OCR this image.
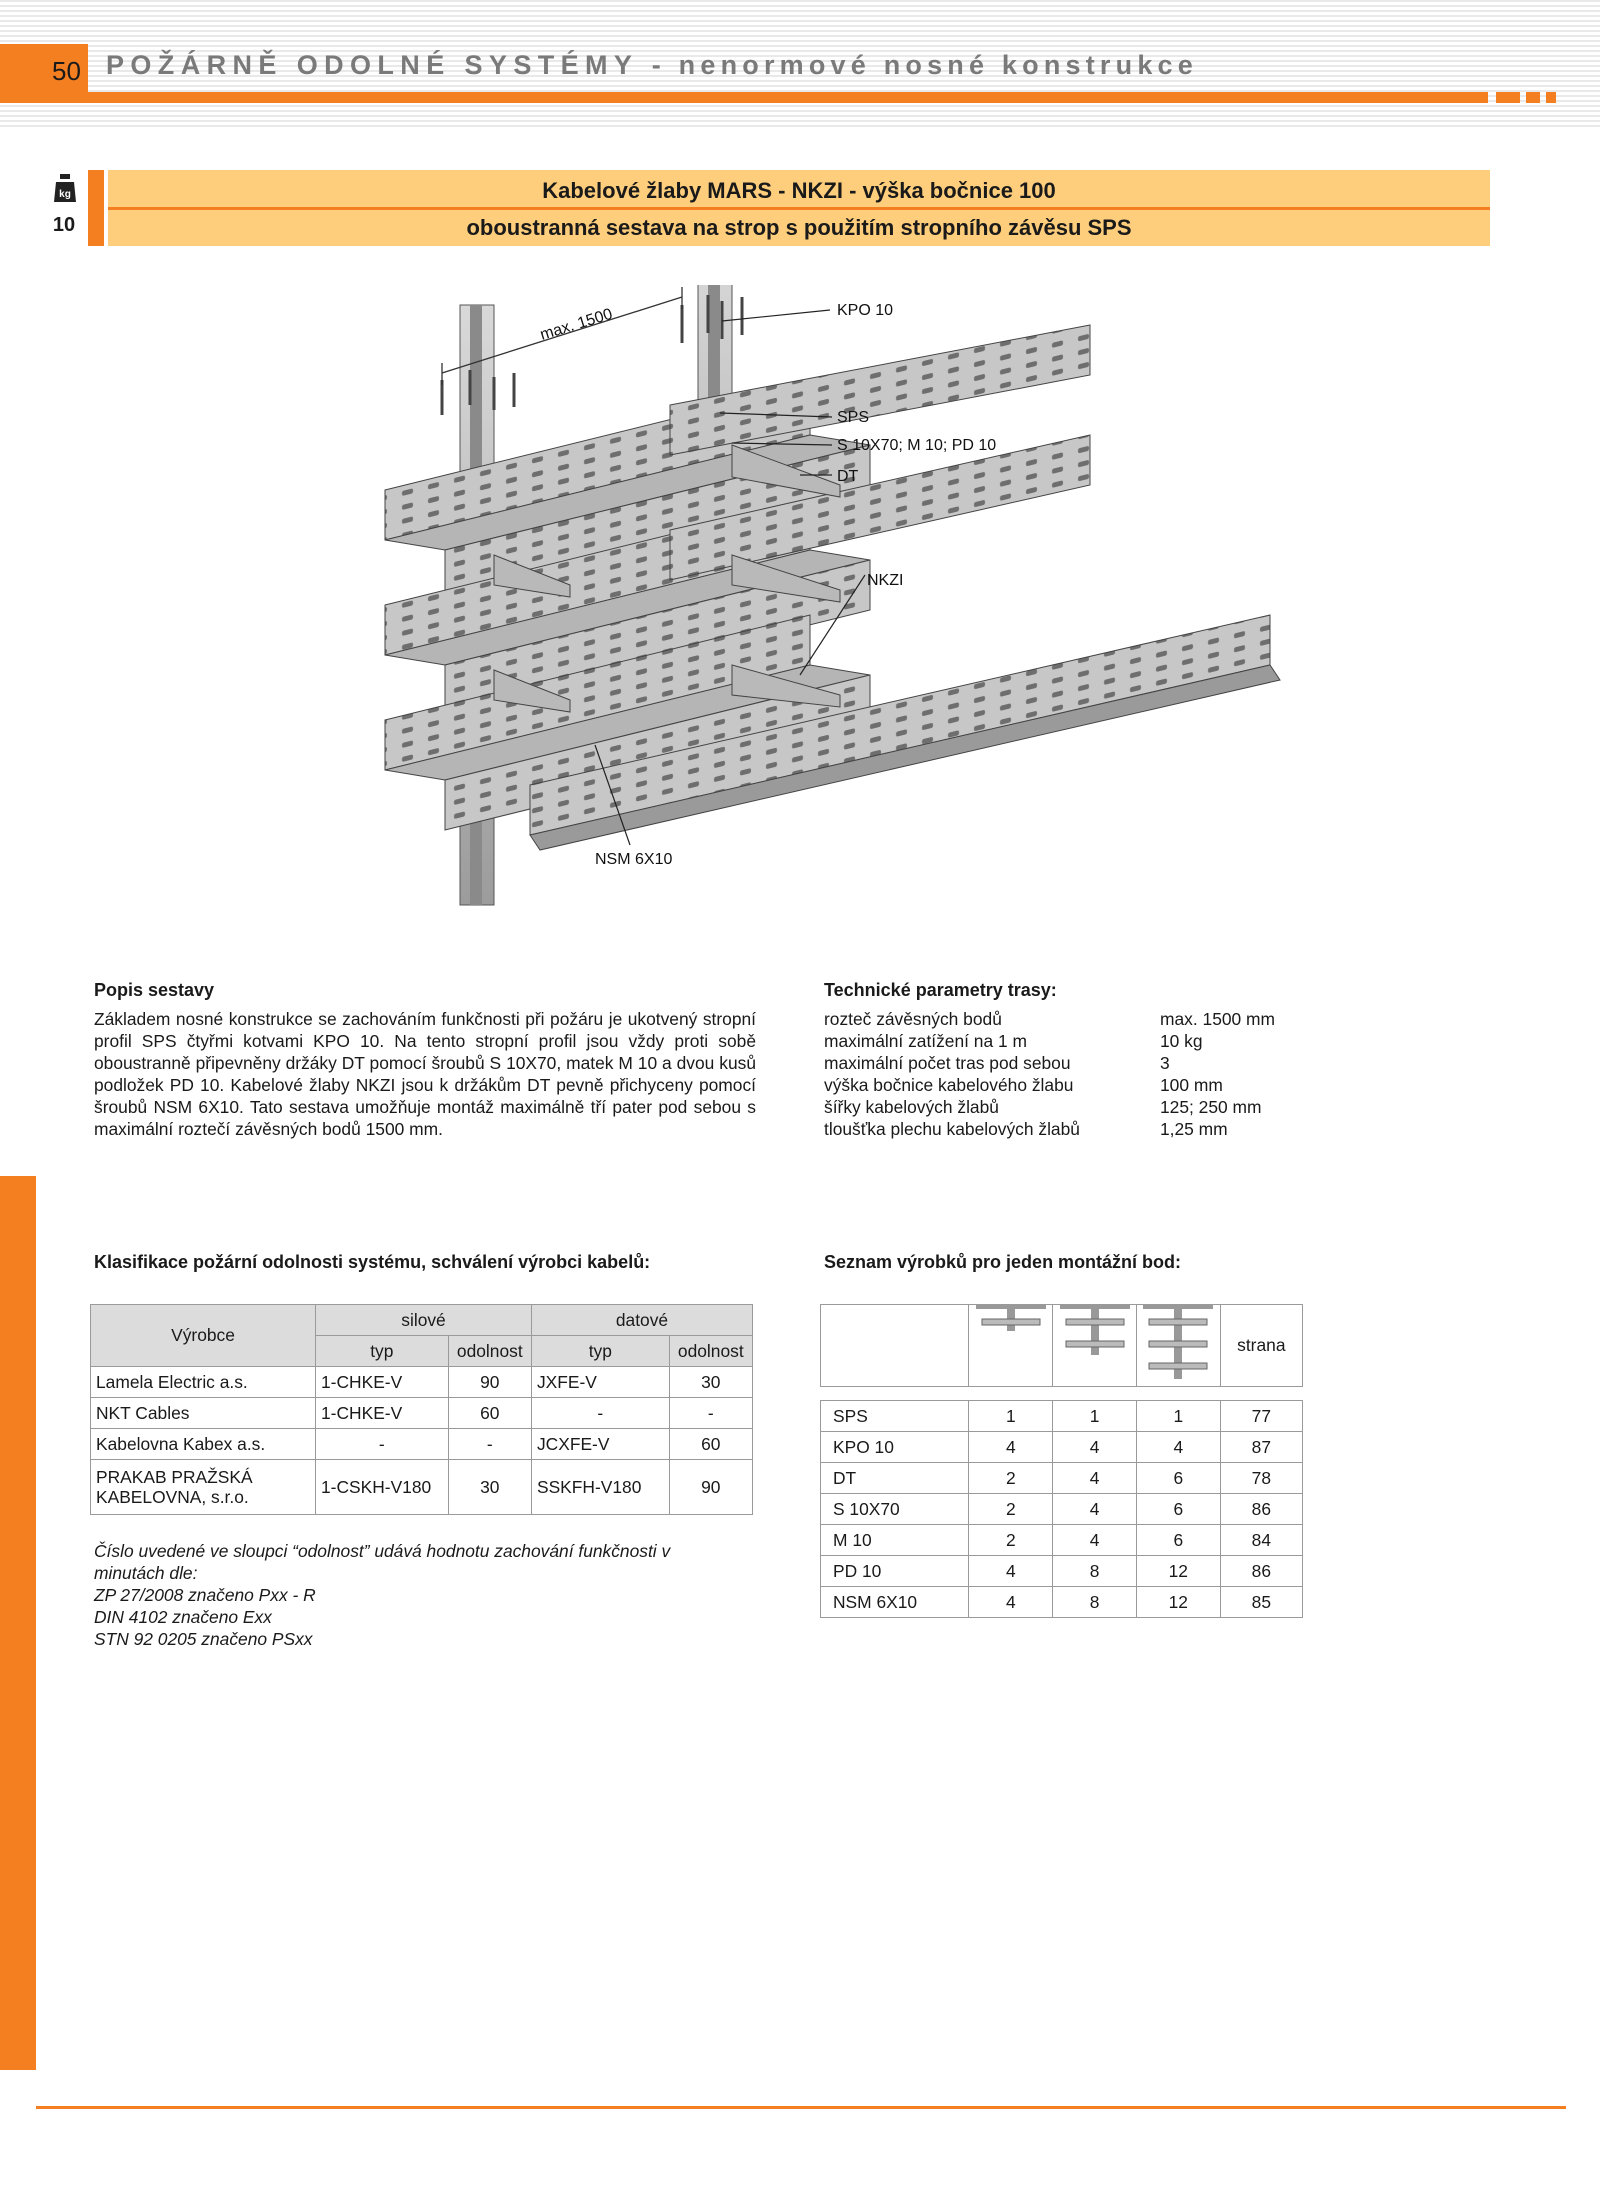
50 POŽÁRNĚ ODOLNÉ SYSTÉMY - nenormové nosné konstrukce
kg
10
Kabelové žlaby MARS - NKZI - výška bočnice 100
oboustranná sestava na strop s použitím stropního závěsu SPS
max. 1500	KPO 10
SPS
S 10X70; M 10; PD 10
DT
NKZI
NSM 6X10
Popis sestavy
Základem nosné konstrukce se zachováním funkčnosti při požáru je ukotvený stropní profil SPS čtyřmi kotvami KPO 10. Na tento stropní profil jsou vždy proti sobě oboustranně připevněny držáky DT pomocí šroubů S 10X70, matek M 10 a dvou kusů podložek PD 10. Kabelové žlaby NKZI jsou k držákům DT pevně přichyceny pomocí šroubů NSM 6X10. Tato sestava umožňuje montáž maximálně tří pater pod sebou s maximální roztečí závěsných bodů 1500 mm.
Technické parametry trasy:
rozteč závěsných bodů	max. 1500 mm
maximální zatížení na 1 m	10 kg
maximální počet tras pod sebou	3
výška bočnice kabelového žlabu	100 mm
šířky kabelových žlabů	125; 250 mm
tloušťka plechu kabelových žlabů	1,25 mm
Klasifikace požární odolnosti systému, schválení výrobci kabelů:
Výrobce	silové		datové	
	typ	odolnost	typ	odolnost
Lamela Electric a.s.	1-CHKE-V	90	JXFE-V	30
NKT Cables	1-CHKE-V	60	-	-
Kabelovna Kabex a.s.	-	-	JCXFE-V	60
PRAKAB PRAŽSKÁ
KABELOVNA, s.r.o.	1-CSKH-V180	30	SSKFH-V180	90
Číslo uvedené ve sloupci “odolnost” udává hodnotu zachování funkčnosti v
minutách dle:
ZP 27/2008 značeno Pxx - R
DIN 4102 značeno Exx
STN 92 0205 značeno PSxx
Seznam výrobků pro jeden montážní bod:
				strana

SPS	1	1	1	77
KPO 10	4	4	4	87
DT	2	4	6	78
S 10X70	2	4	6	86
M 10	2	4	6	84
PD 10	4	8	12	86
NSM 6X10	4	8	12	85
